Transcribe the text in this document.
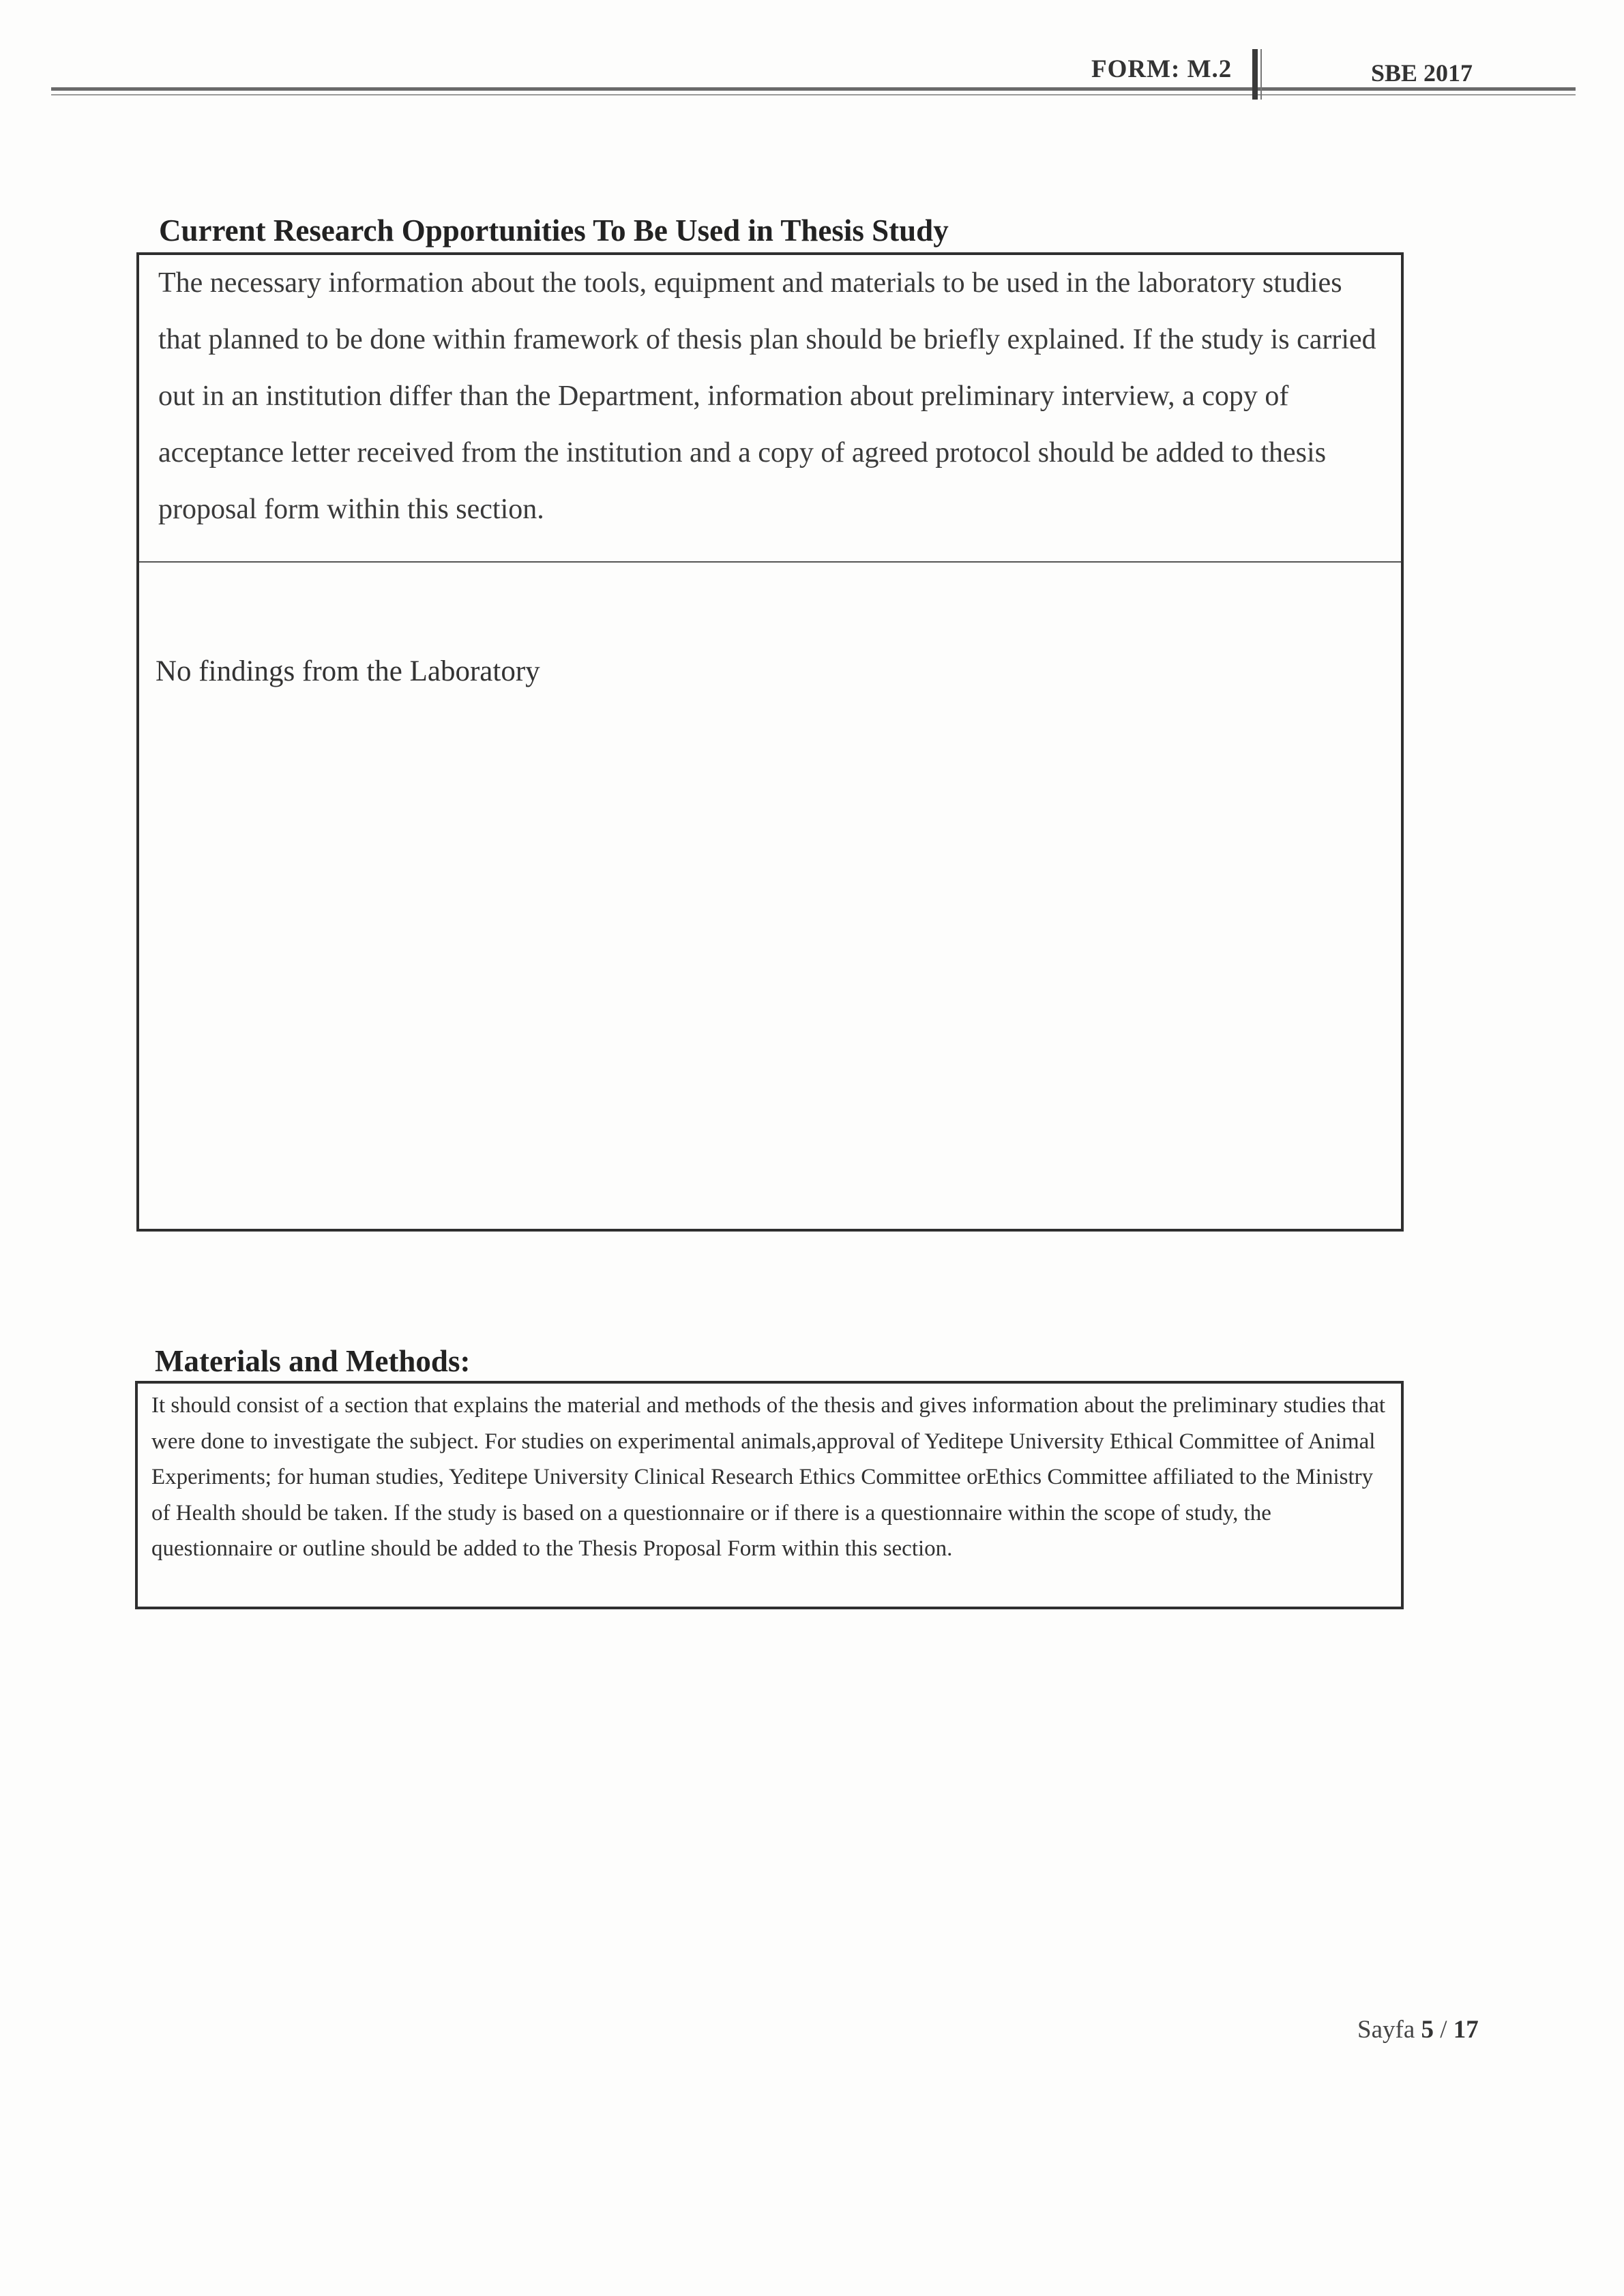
FORM: M.2	SBE 2017
Current Research Opportunities To Be Used in Thesis Study

The necessary information about the tools, equipment and materials to be used in the laboratory studies that planned to be done within framework of thesis plan should be briefly explained. If the study is carried out in an institution differ than the Department, information about preliminary interview, a copy of acceptance letter received from the institution and a copy of agreed protocol should be added to thesis proposal form within this section.

No findings from the Laboratory
Materials and Methods:

It should consist of a section that explains the material and methods of the thesis and gives information about the preliminary studies that were done to investigate the subject. For studies on experimental animals,approval of Yeditepe University Ethical Committee of Animal Experiments; for human studies, Yeditepe University Clinical Research Ethics Committee orEthics Committee affiliated to the Ministry of Health should be taken. If the study is based on a questionnaire or if there is a questionnaire within the scope of study, the questionnaire or outline should be added to the Thesis Proposal Form within this section.

Sayfa 5 / 17
